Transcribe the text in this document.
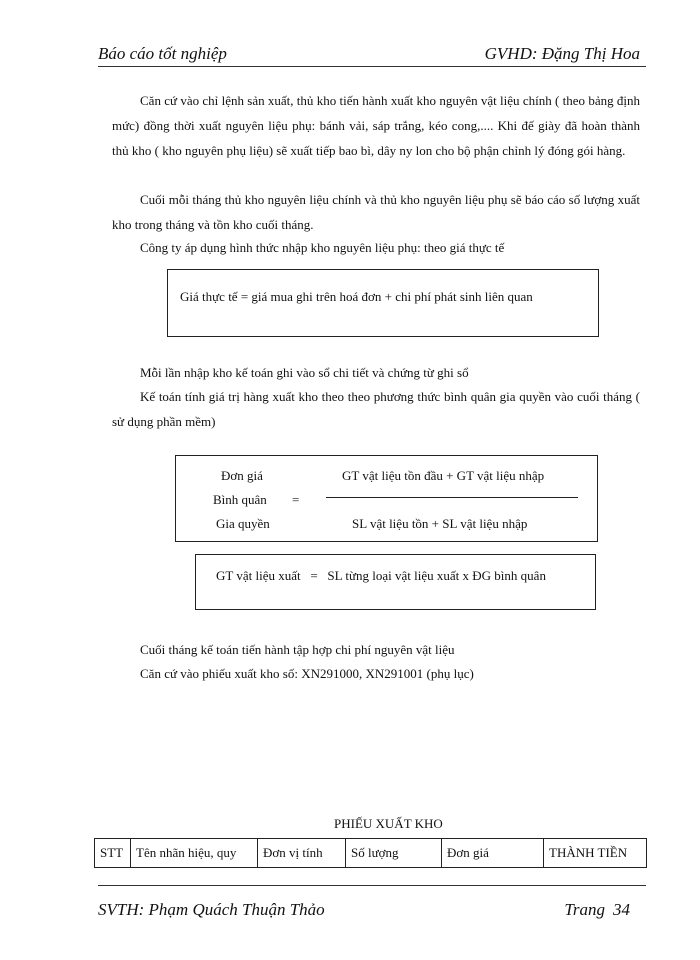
Báo cáo tốt nghiệp	GVHD: Đặng Thị Hoa
Căn cứ vào chỉ lệnh sản xuất, thủ kho tiến hành xuất kho nguyên vật liệu chính ( theo bảng định mức) đồng thời xuất nguyên liệu phụ: bánh vải, sáp trắng, kéo cong,.... Khi đế giày đã hoàn thành thủ kho ( kho nguyên phụ liệu) sẽ xuất tiếp bao bì, dây ny lon cho bộ phận chỉnh lý đóng gói hàng.
Cuối mỗi tháng thủ kho nguyên liệu chính và thủ kho nguyên liệu phụ sẽ báo cáo số lượng xuất kho trong tháng và tồn kho cuối tháng.
Công ty áp dụng hình thức nhập kho nguyên liệu phụ: theo giá thực tế
Giá thực tế = giá mua ghi trên hoá đơn + chi phí phát sinh liên quan
Mỗi lần nhập kho kế toán ghi vào sổ chi tiết và chứng từ ghi sổ
Kế toán tính giá trị hàng xuất kho theo theo phương thức bình quân gia quyền vào cuối tháng ( sử dụng phần mềm)
Đơn giá
Bình quân
Gia quyền
=
GT vật liệu tồn đầu + GT vật liệu nhập
SL vật liệu tồn + SL vật liệu nhập
GT vật liệu xuất   =   SL từng loại vật liệu xuất x ĐG bình quân
Cuối tháng kế toán tiến hành tập hợp chi phí nguyên vật liệu
Căn cứ vào phiếu xuất kho số: XN291000, XN291001 (phụ lục)
PHIẾU XUẤT KHO
STT	Tên nhãn hiệu, quy	Đơn vị tính	Số lượng	Đơn giá	THÀNH TIỀN
SVTH: Phạm Quách Thuận Thảo	Trang 34
